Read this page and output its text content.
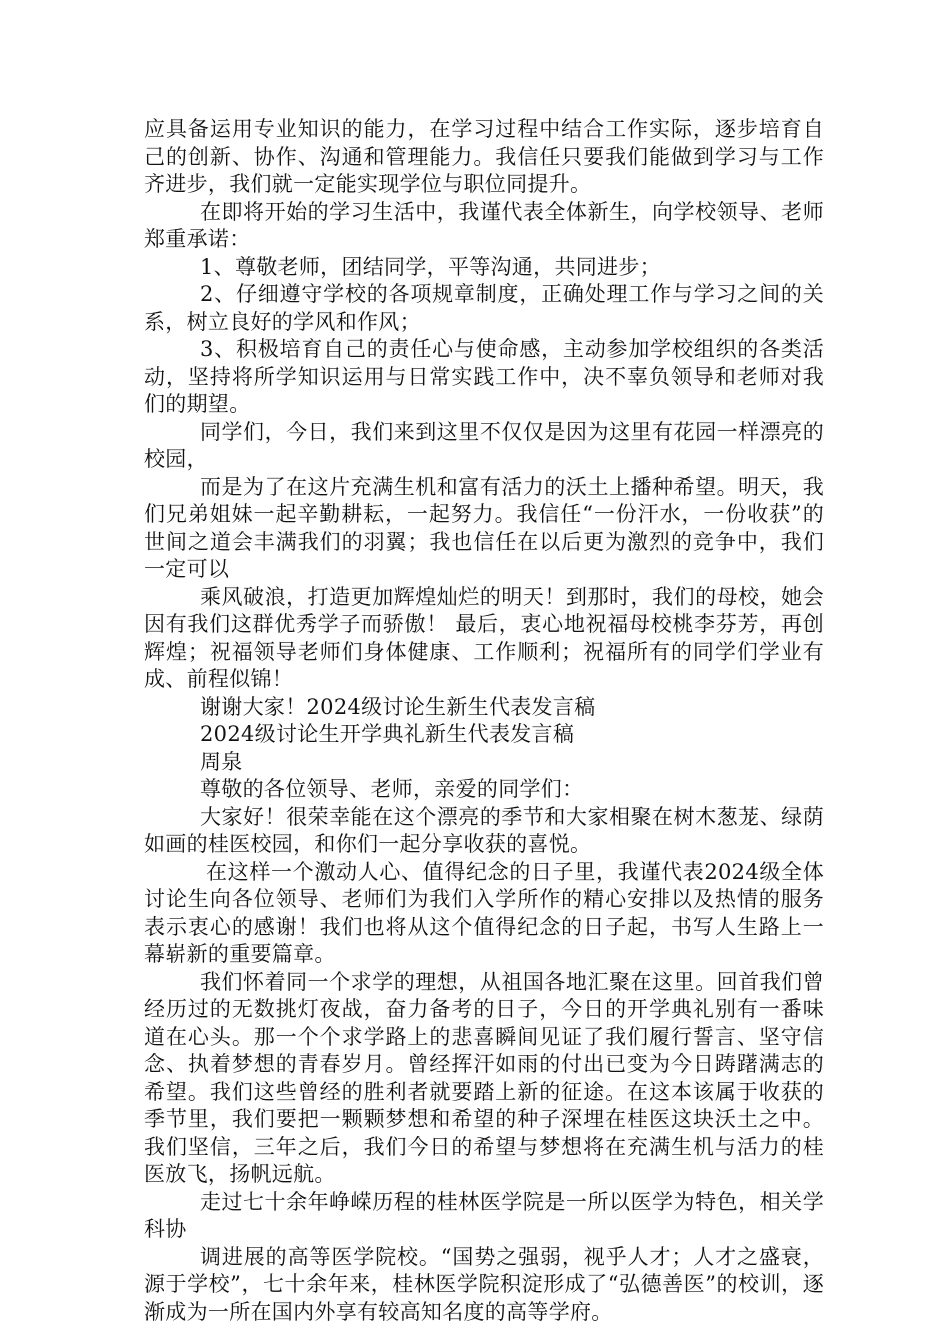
应具备运用专业知识的能力，在学习过程中结合工作实际，逐步培育自己的创新、协作、沟通和管理能力。我信任只要我们能做到学习与工作齐进步，我们就一定能实现学位与职位同提升。

在即将开始的学习生活中，我谨代表全体新生，向学校领导、老师郑重承诺：

1、尊敬老师，团结同学，平等沟通，共同进步；

2、仔细遵守学校的各项规章制度，正确处理工作与学习之间的关系，树立良好的学风和作风；

3、积极培育自己的责任心与使命感，主动参加学校组织的各类活动，坚持将所学知识运用与日常实践工作中，决不辜负领导和老师对我们的期望。

同学们，今日，我们来到这里不仅仅是因为这里有花园一样漂亮的校园，

而是为了在这片充满生机和富有活力的沃土上播种希望。明天，我们兄弟姐妹一起辛勤耕耘，一起努力。我信任“一份汗水，一份收获”的世间之道会丰满我们的羽翼；我也信任在以后更为激烈的竞争中，我们一定可以

乘风破浪，打造更加辉煌灿烂的明天！到那时，我们的母校，她会因有我们这群优秀学子而骄傲！ 最后，衷心地祝福母校桃李芬芳，再创辉煌；祝福领导老师们身体健康、工作顺利；祝福所有的同学们学业有成、前程似锦！

谢谢大家！2024级讨论生新生代表发言稿

2024级讨论生开学典礼新生代表发言稿

周泉

尊敬的各位领导、老师，亲爱的同学们：

大家好！很荣幸能在这个漂亮的季节和大家相聚在树木葱茏、绿荫如画的桂医校园，和你们一起分享收获的喜悦。

在这样一个激动人心、值得纪念的日子里，我谨代表2024级全体讨论生向各位领导、老师们为我们入学所作的精心安排以及热情的服务表示衷心的感谢！我们也将从这个值得纪念的日子起，书写人生路上一幕崭新的重要篇章。

我们怀着同一个求学的理想，从祖国各地汇聚在这里。回首我们曾经历过的无数挑灯夜战，奋力备考的日子，今日的开学典礼别有一番味道在心头。那一个个求学路上的悲喜瞬间见证了我们履行誓言、坚守信念、执着梦想的青春岁月。曾经挥汗如雨的付出已变为今日踌躇满志的希望。我们这些曾经的胜利者就要踏上新的征途。在这本该属于收获的季节里，我们要把一颗颗梦想和希望的种子深埋在桂医这块沃土之中。我们坚信，三年之后，我们今日的希望与梦想将在充满生机与活力的桂医放飞，扬帆远航。

走过七十余年峥嵘历程的桂林医学院是一所以医学为特色，相关学科协

调进展的高等医学院校。“国势之强弱，视乎人才；人才之盛衰，源于学校”，七十余年来，桂林医学院积淀形成了“弘德善医”的校训，逐渐成为一所在国内外享有较高知名度的高等学府。
